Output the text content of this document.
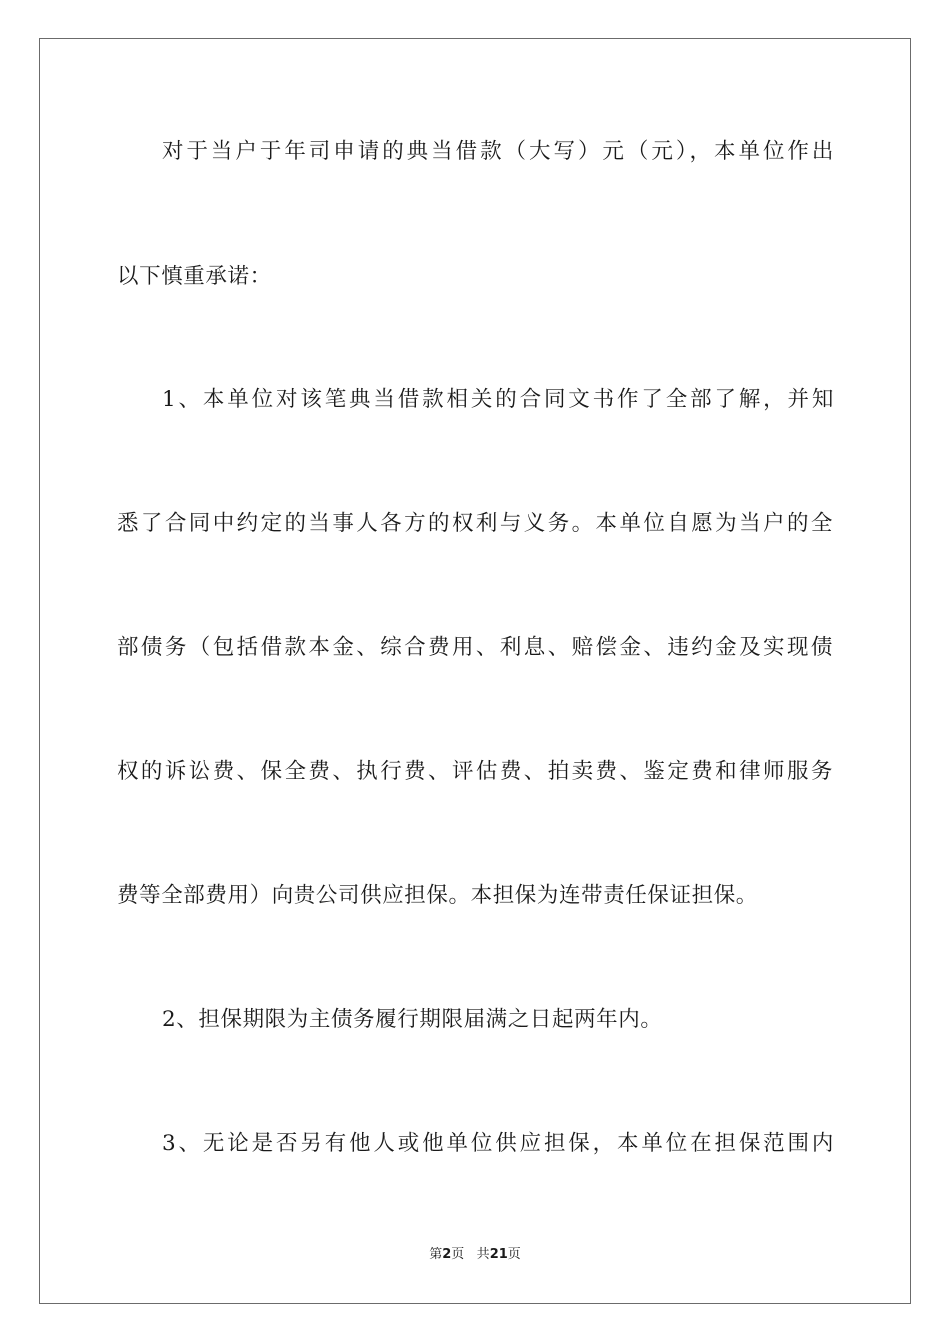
对于当户于年司申请的典当借款（大写）元（元），本单位作出
以下慎重承诺：
1、本单位对该笔典当借款相关的合同文书作了全部了解，并知
悉了合同中约定的当事人各方的权利与义务。本单位自愿为当户的全
部债务（包括借款本金、综合费用、利息、赔偿金、违约金及实现债
权的诉讼费、保全费、执行费、评估费、拍卖费、鉴定费和律师服务
费等全部费用）向贵公司供应担保。本担保为连带责任保证担保。
2、担保期限为主债务履行期限届满之日起两年内。
3、无论是否另有他人或他单位供应担保，本单位在担保范围内
第2页 共21页
